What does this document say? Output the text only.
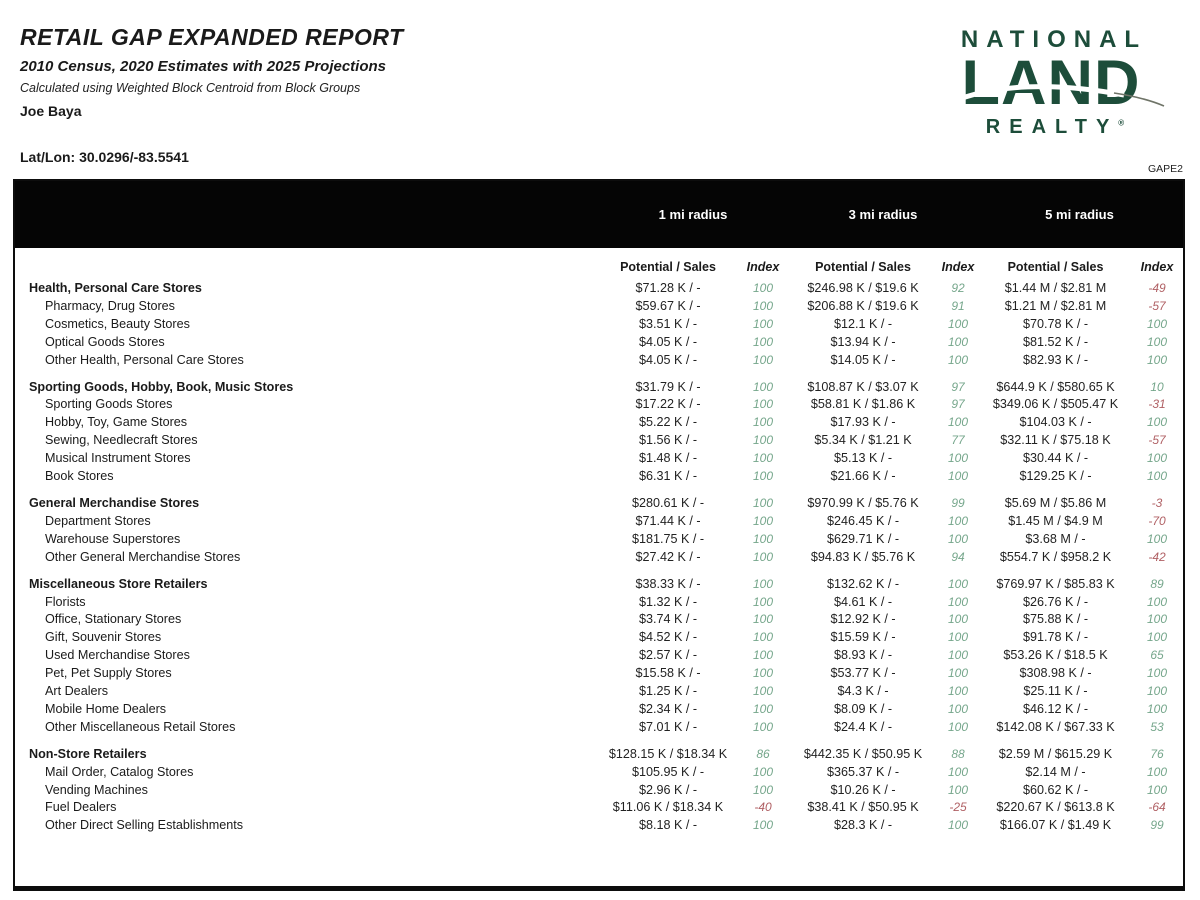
RETAIL GAP EXPANDED REPORT
2010 Census, 2020 Estimates with 2025 Projections
Calculated using Weighted Block Centroid from Block Groups
Joe Baya
Lat/Lon: 30.0296/-83.5541
NATIONAL
LAND
REALTY®
GAPE2
1 mi radius	3 mi radius	5 mi radius
Potential / Sales	Index	Potential / Sales	Index	Potential / Sales	Index
Health, Personal Care Stores	$71.28 K / -	100	$246.98 K / $19.6 K	92	$1.44 M / $2.81 M	-49
Pharmacy, Drug Stores	$59.67 K / -	100	$206.88 K / $19.6 K	91	$1.21 M / $2.81 M	-57
Cosmetics, Beauty Stores	$3.51 K / -	100	$12.1 K / -	100	$70.78 K / -	100
Optical Goods Stores	$4.05 K / -	100	$13.94 K / -	100	$81.52 K / -	100
Other Health, Personal Care Stores	$4.05 K / -	100	$14.05 K / -	100	$82.93 K / -	100
Sporting Goods, Hobby, Book, Music Stores	$31.79 K / -	100	$108.87 K / $3.07 K	97	$644.9 K / $580.65 K	10
Sporting Goods Stores	$17.22 K / -	100	$58.81 K / $1.86 K	97	$349.06 K / $505.47 K	-31
Hobby, Toy, Game Stores	$5.22 K / -	100	$17.93 K / -	100	$104.03 K / -	100
Sewing, Needlecraft Stores	$1.56 K / -	100	$5.34 K / $1.21 K	77	$32.11 K / $75.18 K	-57
Musical Instrument Stores	$1.48 K / -	100	$5.13 K / -	100	$30.44 K / -	100
Book Stores	$6.31 K / -	100	$21.66 K / -	100	$129.25 K / -	100
General Merchandise Stores	$280.61 K / -	100	$970.99 K / $5.76 K	99	$5.69 M / $5.86 M	-3
Department Stores	$71.44 K / -	100	$246.45 K / -	100	$1.45 M / $4.9 M	-70
Warehouse Superstores	$181.75 K / -	100	$629.71 K / -	100	$3.68 M / -	100
Other General Merchandise Stores	$27.42 K / -	100	$94.83 K / $5.76 K	94	$554.7 K / $958.2 K	-42
Miscellaneous Store Retailers	$38.33 K / -	100	$132.62 K / -	100	$769.97 K / $85.83 K	89
Florists	$1.32 K / -	100	$4.61 K / -	100	$26.76 K / -	100
Office, Stationary Stores	$3.74 K / -	100	$12.92 K / -	100	$75.88 K / -	100
Gift, Souvenir Stores	$4.52 K / -	100	$15.59 K / -	100	$91.78 K / -	100
Used Merchandise Stores	$2.57 K / -	100	$8.93 K / -	100	$53.26 K / $18.5 K	65
Pet, Pet Supply Stores	$15.58 K / -	100	$53.77 K / -	100	$308.98 K / -	100
Art Dealers	$1.25 K / -	100	$4.3 K / -	100	$25.11 K / -	100
Mobile Home Dealers	$2.34 K / -	100	$8.09 K / -	100	$46.12 K / -	100
Other Miscellaneous Retail Stores	$7.01 K / -	100	$24.4 K / -	100	$142.08 K / $67.33 K	53
Non-Store Retailers	$128.15 K / $18.34 K	86	$442.35 K / $50.95 K	88	$2.59 M / $615.29 K	76
Mail Order, Catalog Stores	$105.95 K / -	100	$365.37 K / -	100	$2.14 M / -	100
Vending Machines	$2.96 K / -	100	$10.26 K / -	100	$60.62 K / -	100
Fuel Dealers	$11.06 K / $18.34 K	-40	$38.41 K / $50.95 K	-25	$220.67 K / $613.8 K	-64
Other Direct Selling Establishments	$8.18 K / -	100	$28.3 K / -	100	$166.07 K / $1.49 K	99
